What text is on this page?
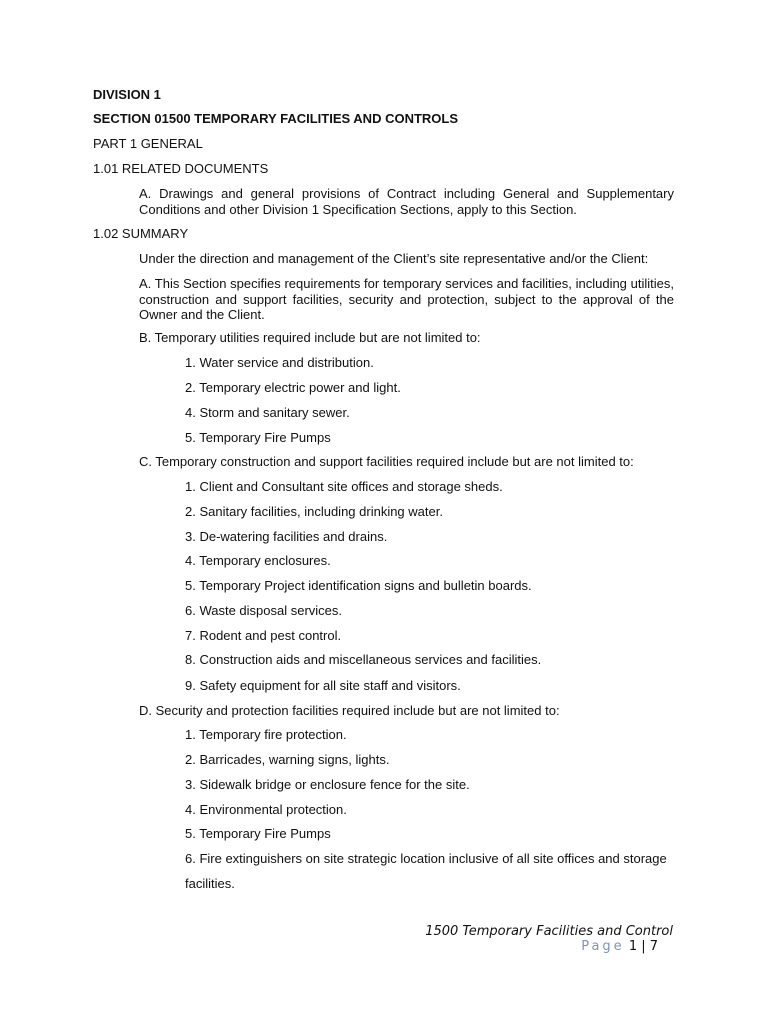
DIVISION 1

SECTION 01500 TEMPORARY FACILITIES AND CONTROLS

PART 1 GENERAL

1.01 RELATED DOCUMENTS

A. Drawings and general provisions of Contract including General and Supplementary Conditions and other Division 1 Specification Sections, apply to this Section.

1.02 SUMMARY

Under the direction and management of the Client’s site representative and/or the Client:

A. This Section specifies requirements for temporary services and facilities, including utilities, construction and support facilities, security and protection, subject to the approval of the Owner and the Client.

B. Temporary utilities required include but are not limited to:

1. Water service and distribution.

2. Temporary electric power and light.

4. Storm and sanitary sewer.

5. Temporary Fire Pumps

C. Temporary construction and support facilities required include but are not limited to:

1. Client and Consultant site offices and storage sheds.

2. Sanitary facilities, including drinking water.

3. De-watering facilities and drains.

4. Temporary enclosures.

5. Temporary Project identification signs and bulletin boards.

6. Waste disposal services.

7. Rodent and pest control.

8. Construction aids and miscellaneous services and facilities.

9. Safety equipment for all site staff and visitors.

D. Security and protection facilities required include but are not limited to:

1. Temporary fire protection.

2. Barricades, warning signs, lights.

3. Sidewalk bridge or enclosure fence for the site.

4. Environmental protection.

5. Temporary Fire Pumps

6. Fire extinguishers on site strategic location inclusive of all site offices and storage

facilities.

1500 Temporary Facilities and Control
Page 1 | 7
